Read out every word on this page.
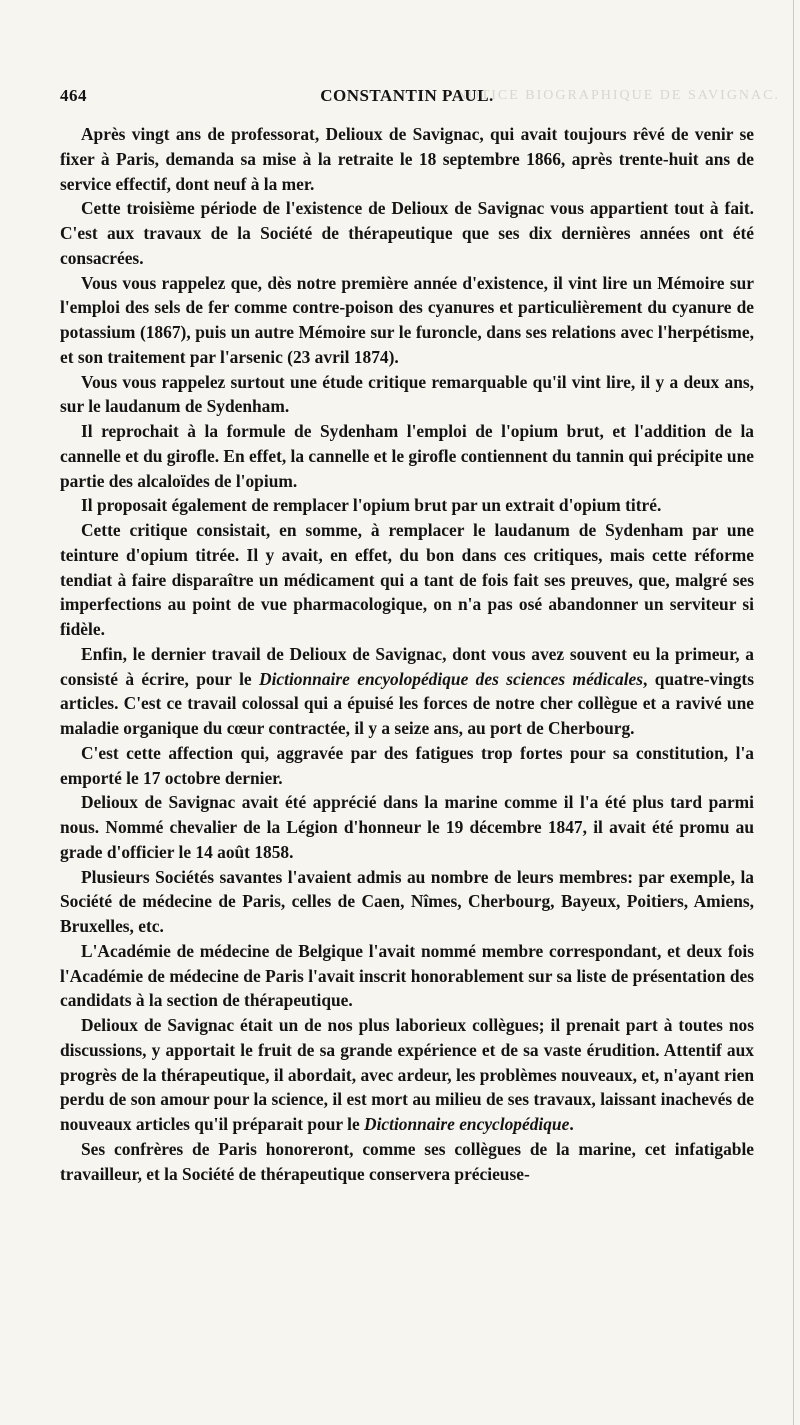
NOTICE BIOGRAPHIQUE DE SAVIGNAC.
464	CONSTANTIN PAUL.

Après vingt ans de professorat, Delioux de Savignac, qui avait toujours rêvé de venir se fixer à Paris, demanda sa mise à la retraite le 18 septembre 1866, après trente-huit ans de service effectif, dont neuf à la mer.

Cette troisième période de l'existence de Delioux de Savignac vous appartient tout à fait. C'est aux travaux de la Société de thérapeutique que ses dix dernières années ont été consacrées.

Vous vous rappelez que, dès notre première année d'existence, il vint lire un Mémoire sur l'emploi des sels de fer comme contre-poison des cyanures et particulièrement du cyanure de potassium (1867), puis un autre Mémoire sur le furoncle, dans ses relations avec l'herpétisme, et son traitement par l'arsenic (23 avril 1874).

Vous vous rappelez surtout une étude critique remarquable qu'il vint lire, il y a deux ans, sur le laudanum de Sydenham.

Il reprochait à la formule de Sydenham l'emploi de l'opium brut, et l'addition de la cannelle et du girofle. En effet, la cannelle et le girofle contiennent du tannin qui précipite une partie des alcaloïdes de l'opium.

Il proposait également de remplacer l'opium brut par un extrait d'opium titré.

Cette critique consistait, en somme, à remplacer le laudanum de Sydenham par une teinture d'opium titrée. Il y avait, en effet, du bon dans ces critiques, mais cette réforme tendiat à faire disparaître un médicament qui a tant de fois fait ses preuves, que, malgré ses imperfections au point de vue pharmacologique, on n'a pas osé abandonner un serviteur si fidèle.

Enfin, le dernier travail de Delioux de Savignac, dont vous avez souvent eu la primeur, a consisté à écrire, pour le Dictionnaire encyolopédique des sciences médicales, quatre-vingts articles. C'est ce travail colossal qui a épuisé les forces de notre cher collègue et a ravivé une maladie organique du cœur contractée, il y a seize ans, au port de Cherbourg.

C'est cette affection qui, aggravée par des fatigues trop fortes pour sa constitution, l'a emporté le 17 octobre dernier.

Delioux de Savignac avait été apprécié dans la marine comme il l'a été plus tard parmi nous. Nommé chevalier de la Légion d'honneur le 19 décembre 1847, il avait été promu au grade d'officier le 14 août 1858.

Plusieurs Sociétés savantes l'avaient admis au nombre de leurs membres: par exemple, la Société de médecine de Paris, celles de Caen, Nîmes, Cherbourg, Bayeux, Poitiers, Amiens, Bruxelles, etc.

L'Académie de médecine de Belgique l'avait nommé membre correspondant, et deux fois l'Académie de médecine de Paris l'avait inscrit honorablement sur sa liste de présentation des candidats à la section de thérapeutique.

Delioux de Savignac était un de nos plus laborieux collègues; il prenait part à toutes nos discussions, y apportait le fruit de sa grande expérience et de sa vaste érudition. Attentif aux progrès de la thérapeutique, il abordait, avec ardeur, les problèmes nouveaux, et, n'ayant rien perdu de son amour pour la science, il est mort au milieu de ses travaux, laissant inachevés de nouveaux articles qu'il préparait pour le Dictionnaire encyclopédique.

Ses confrères de Paris honoreront, comme ses collègues de la marine, cet infatigable travailleur, et la Société de thérapeutique conservera précieuse-
